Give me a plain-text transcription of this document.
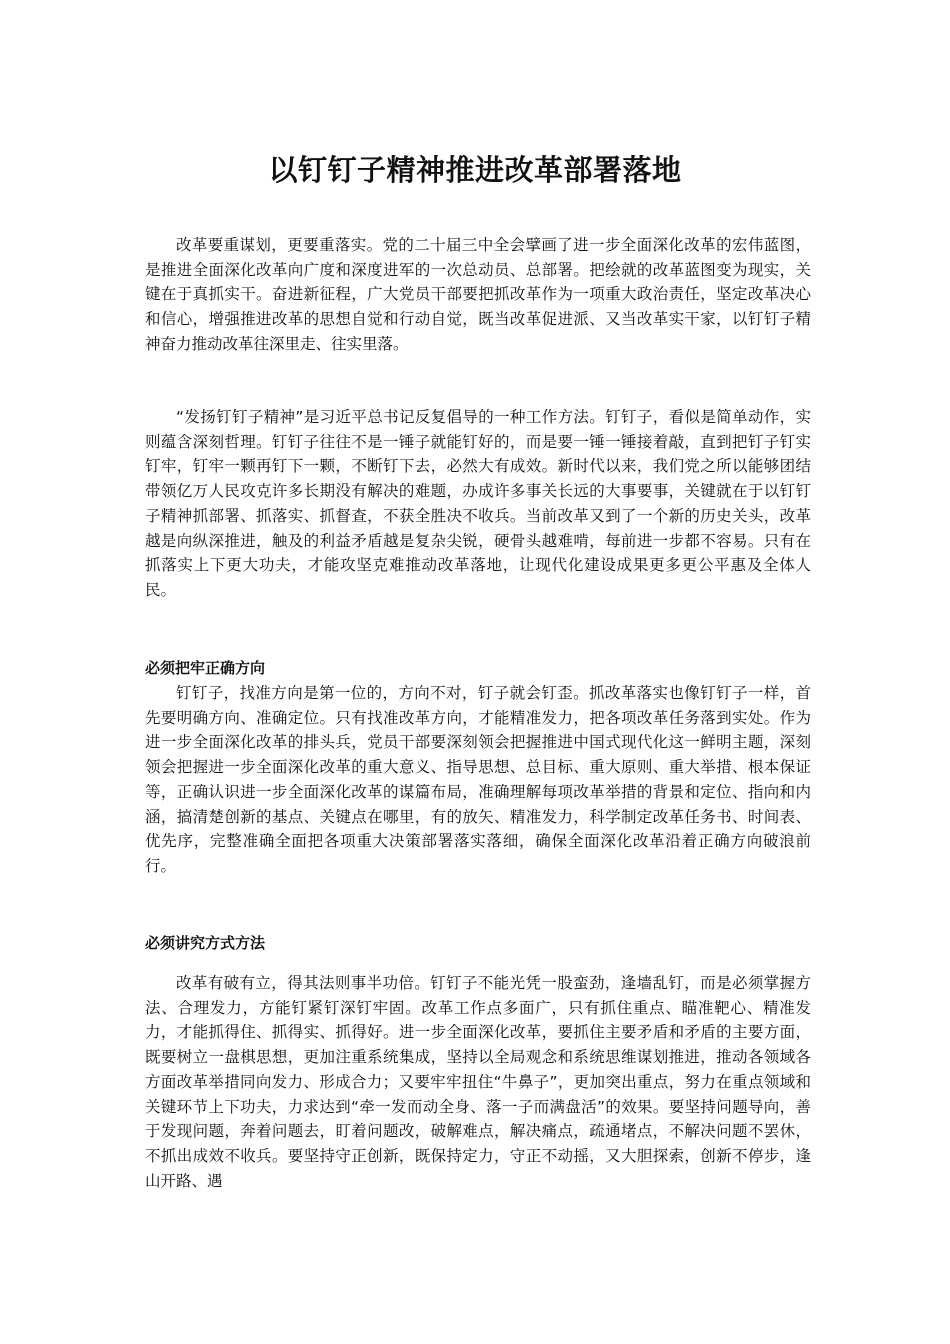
以钉钉子精神推进改革部署落地

改革要重谋划，更要重落实。党的二十届三中全会擘画了进一步全面深化改革的宏伟蓝图，是推进全面深化改革向广度和深度进军的一次总动员、总部署。把绘就的改革蓝图变为现实，关键在于真抓实干。奋进新征程，广大党员干部要把抓改革作为一项重大政治责任，坚定改革决心和信心，增强推进改革的思想自觉和行动自觉，既当改革促进派、又当改革实干家，以钉钉子精神奋力推动改革往深里走、往实里落。

“发扬钉钉子精神”是习近平总书记反复倡导的一种工作方法。钉钉子，看似是简单动作，实则蕴含深刻哲理。钉钉子往往不是一锤子就能钉好的，而是要一锤一锤接着敲，直到把钉子钉实钉牢，钉牢一颗再钉下一颗，不断钉下去，必然大有成效。新时代以来，我们党之所以能够团结带领亿万人民攻克许多长期没有解决的难题，办成许多事关长远的大事要事，关键就在于以钉钉子精神抓部署、抓落实、抓督查，不获全胜决不收兵。当前改革又到了一个新的历史关头，改革越是向纵深推进，触及的利益矛盾越是复杂尖锐，硬骨头越难啃，每前进一步都不容易。只有在抓落实上下更大功夫，才能攻坚克难推动改革落地，让现代化建设成果更多更公平惠及全体人民。

必须把牢正确方向

钉钉子，找准方向是第一位的，方向不对，钉子就会钉歪。抓改革落实也像钉钉子一样，首先要明确方向、准确定位。只有找准改革方向，才能精准发力，把各项改革任务落到实处。作为进一步全面深化改革的排头兵，党员干部要深刻领会把握推进中国式现代化这一鲜明主题，深刻领会把握进一步全面深化改革的重大意义、指导思想、总目标、重大原则、重大举措、根本保证等，正确认识进一步全面深化改革的谋篇布局，准确理解每项改革举措的背景和定位、指向和内涵，搞清楚创新的基点、关键点在哪里，有的放矢、精准发力，科学制定改革任务书、时间表、优先序，完整准确全面把各项重大决策部署落实落细，确保全面深化改革沿着正确方向破浪前行。

必须讲究方式方法

改革有破有立，得其法则事半功倍。钉钉子不能光凭一股蛮劲，逢墙乱钉，而是必须掌握方法、合理发力，方能钉紧钉深钉牢固。改革工作点多面广，只有抓住重点、瞄准靶心、精准发力，才能抓得住、抓得实、抓得好。进一步全面深化改革，要抓住主要矛盾和矛盾的主要方面，既要树立一盘棋思想，更加注重系统集成，坚持以全局观念和系统思维谋划推进，推动各领域各方面改革举措同向发力、形成合力；又要牢牢扭住“牛鼻子”，更加突出重点，努力在重点领域和关键环节上下功夫，力求达到“牵一发而动全身、落一子而满盘活”的效果。要坚持问题导向，善于发现问题，奔着问题去，盯着问题改，破解难点，解决痛点，疏通堵点，不解决问题不罢休，不抓出成效不收兵。要坚持守正创新，既保持定力，守正不动摇，又大胆探索，创新不停步，逢山开路、遇
